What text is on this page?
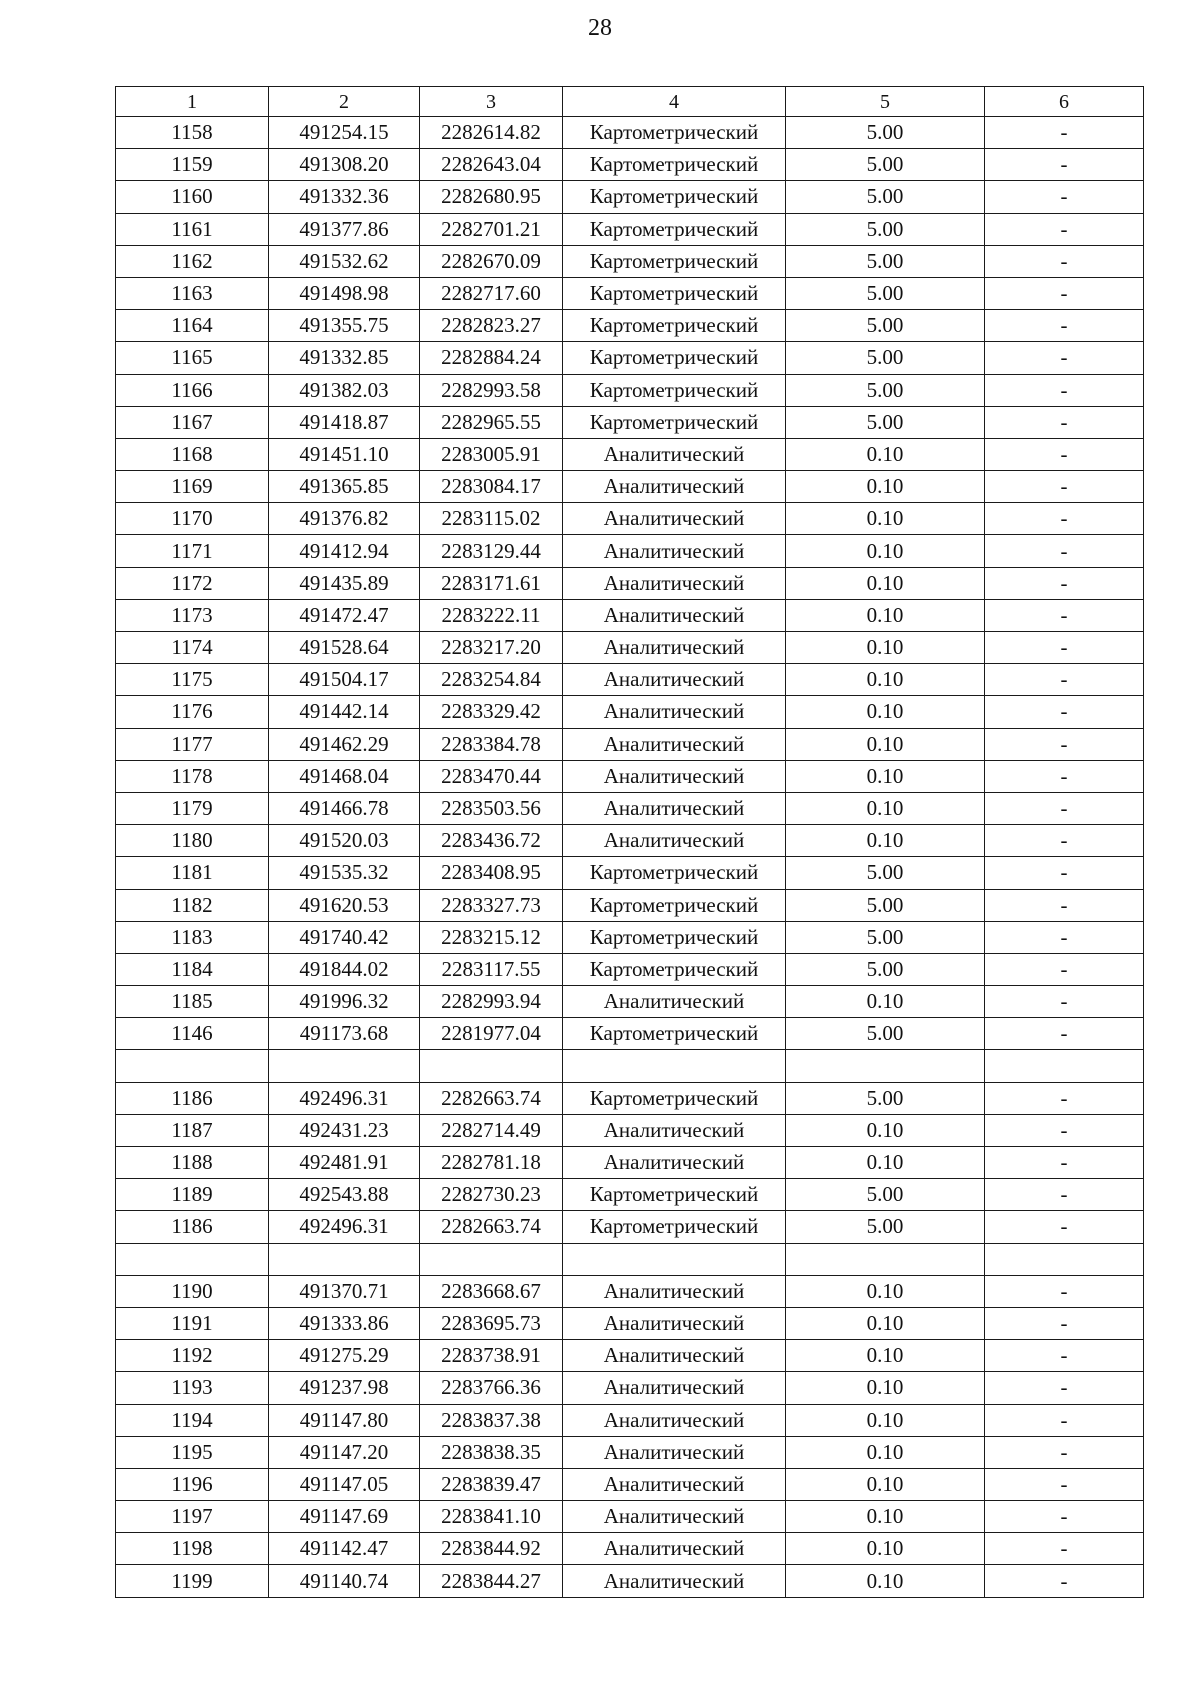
28
1	2	3	4	5	6
1158	491254.15	2282614.82	Картометрический	5.00	-
1159	491308.20	2282643.04	Картометрический	5.00	-
1160	491332.36	2282680.95	Картометрический	5.00	-
1161	491377.86	2282701.21	Картометрический	5.00	-
1162	491532.62	2282670.09	Картометрический	5.00	-
1163	491498.98	2282717.60	Картометрический	5.00	-
1164	491355.75	2282823.27	Картометрический	5.00	-
1165	491332.85	2282884.24	Картометрический	5.00	-
1166	491382.03	2282993.58	Картометрический	5.00	-
1167	491418.87	2282965.55	Картометрический	5.00	-
1168	491451.10	2283005.91	Аналитический	0.10	-
1169	491365.85	2283084.17	Аналитический	0.10	-
1170	491376.82	2283115.02	Аналитический	0.10	-
1171	491412.94	2283129.44	Аналитический	0.10	-
1172	491435.89	2283171.61	Аналитический	0.10	-
1173	491472.47	2283222.11	Аналитический	0.10	-
1174	491528.64	2283217.20	Аналитический	0.10	-
1175	491504.17	2283254.84	Аналитический	0.10	-
1176	491442.14	2283329.42	Аналитический	0.10	-
1177	491462.29	2283384.78	Аналитический	0.10	-
1178	491468.04	2283470.44	Аналитический	0.10	-
1179	491466.78	2283503.56	Аналитический	0.10	-
1180	491520.03	2283436.72	Аналитический	0.10	-
1181	491535.32	2283408.95	Картометрический	5.00	-
1182	491620.53	2283327.73	Картометрический	5.00	-
1183	491740.42	2283215.12	Картометрический	5.00	-
1184	491844.02	2283117.55	Картометрический	5.00	-
1185	491996.32	2282993.94	Аналитический	0.10	-
1146	491173.68	2281977.04	Картометрический	5.00	-

1186	492496.31	2282663.74	Картометрический	5.00	-
1187	492431.23	2282714.49	Аналитический	0.10	-
1188	492481.91	2282781.18	Аналитический	0.10	-
1189	492543.88	2282730.23	Картометрический	5.00	-
1186	492496.31	2282663.74	Картометрический	5.00	-

1190	491370.71	2283668.67	Аналитический	0.10	-
1191	491333.86	2283695.73	Аналитический	0.10	-
1192	491275.29	2283738.91	Аналитический	0.10	-
1193	491237.98	2283766.36	Аналитический	0.10	-
1194	491147.80	2283837.38	Аналитический	0.10	-
1195	491147.20	2283838.35	Аналитический	0.10	-
1196	491147.05	2283839.47	Аналитический	0.10	-
1197	491147.69	2283841.10	Аналитический	0.10	-
1198	491142.47	2283844.92	Аналитический	0.10	-
1199	491140.74	2283844.27	Аналитический	0.10	-
